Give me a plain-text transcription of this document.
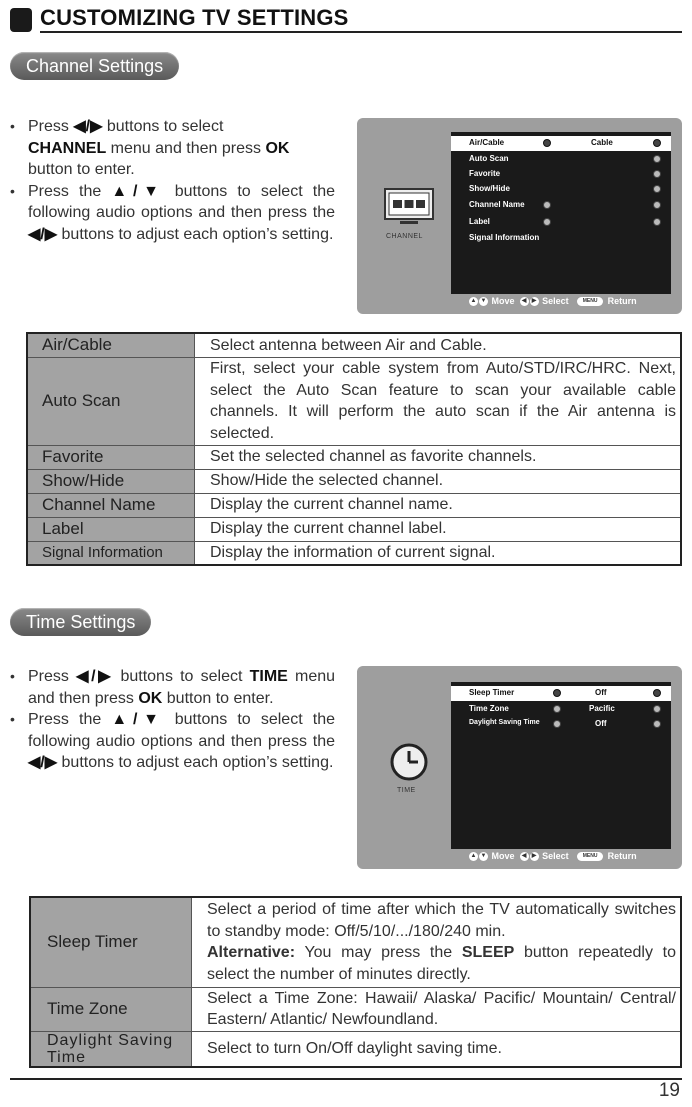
CUSTOMIZING TV SETTINGS
Channel Settings

• Press ◀/▶ buttons to select
CHANNEL menu and then press OK
button to enter.

• Press the ▲/▼ buttons to select the following audio options and then press the ◀/▶ buttons to adjust each option’s setting.	CHANNEL
Air/Cable	Cable
Auto Scan
Favorite
Show/Hide
Channel Name
Label
Signal Information
▲ ▼ Move ◀ ▶ Select	MENU Return
Air/Cable	Select antenna between Air and Cable.
Auto Scan	First, select your cable system from Auto/STD/IRC/HRC. Next, select the Auto Scan feature to scan your available cable channels. It will perform the auto scan if the Air antenna is selected.
Favorite	Set the selected channel as favorite channels.
Show/Hide	Show/Hide the selected channel.
Channel Name	Display the current channel name.
Label	Display the current channel label.
Signal Information	Display the information of current signal.
Time Settings

• Press ◀/▶ buttons to select TIME menu and then press OK button to enter.

• Press the ▲/▼ buttons to select the following audio options and then press the ◀/▶ buttons to adjust each option’s setting.

TIME
Sleep Timer	Off
Time Zone	Pacific
Daylight Saving Time	Off
▲ ▼ Move ◀ ▶ Select	MENU Return
Sleep Timer	Select a period of time after which the TV automatically switches to standby mode: Off/5/10/.../180/240 min.
Alternative: You may press the SLEEP button repeatedly to select the number of minutes directly.
Time Zone	Select a Time Zone: Hawaii/ Alaska/ Pacific/ Mountain/ Central/ Eastern/ Atlantic/ Newfoundland.
Daylight Saving Time	Select to turn On/Off daylight saving time.
19
